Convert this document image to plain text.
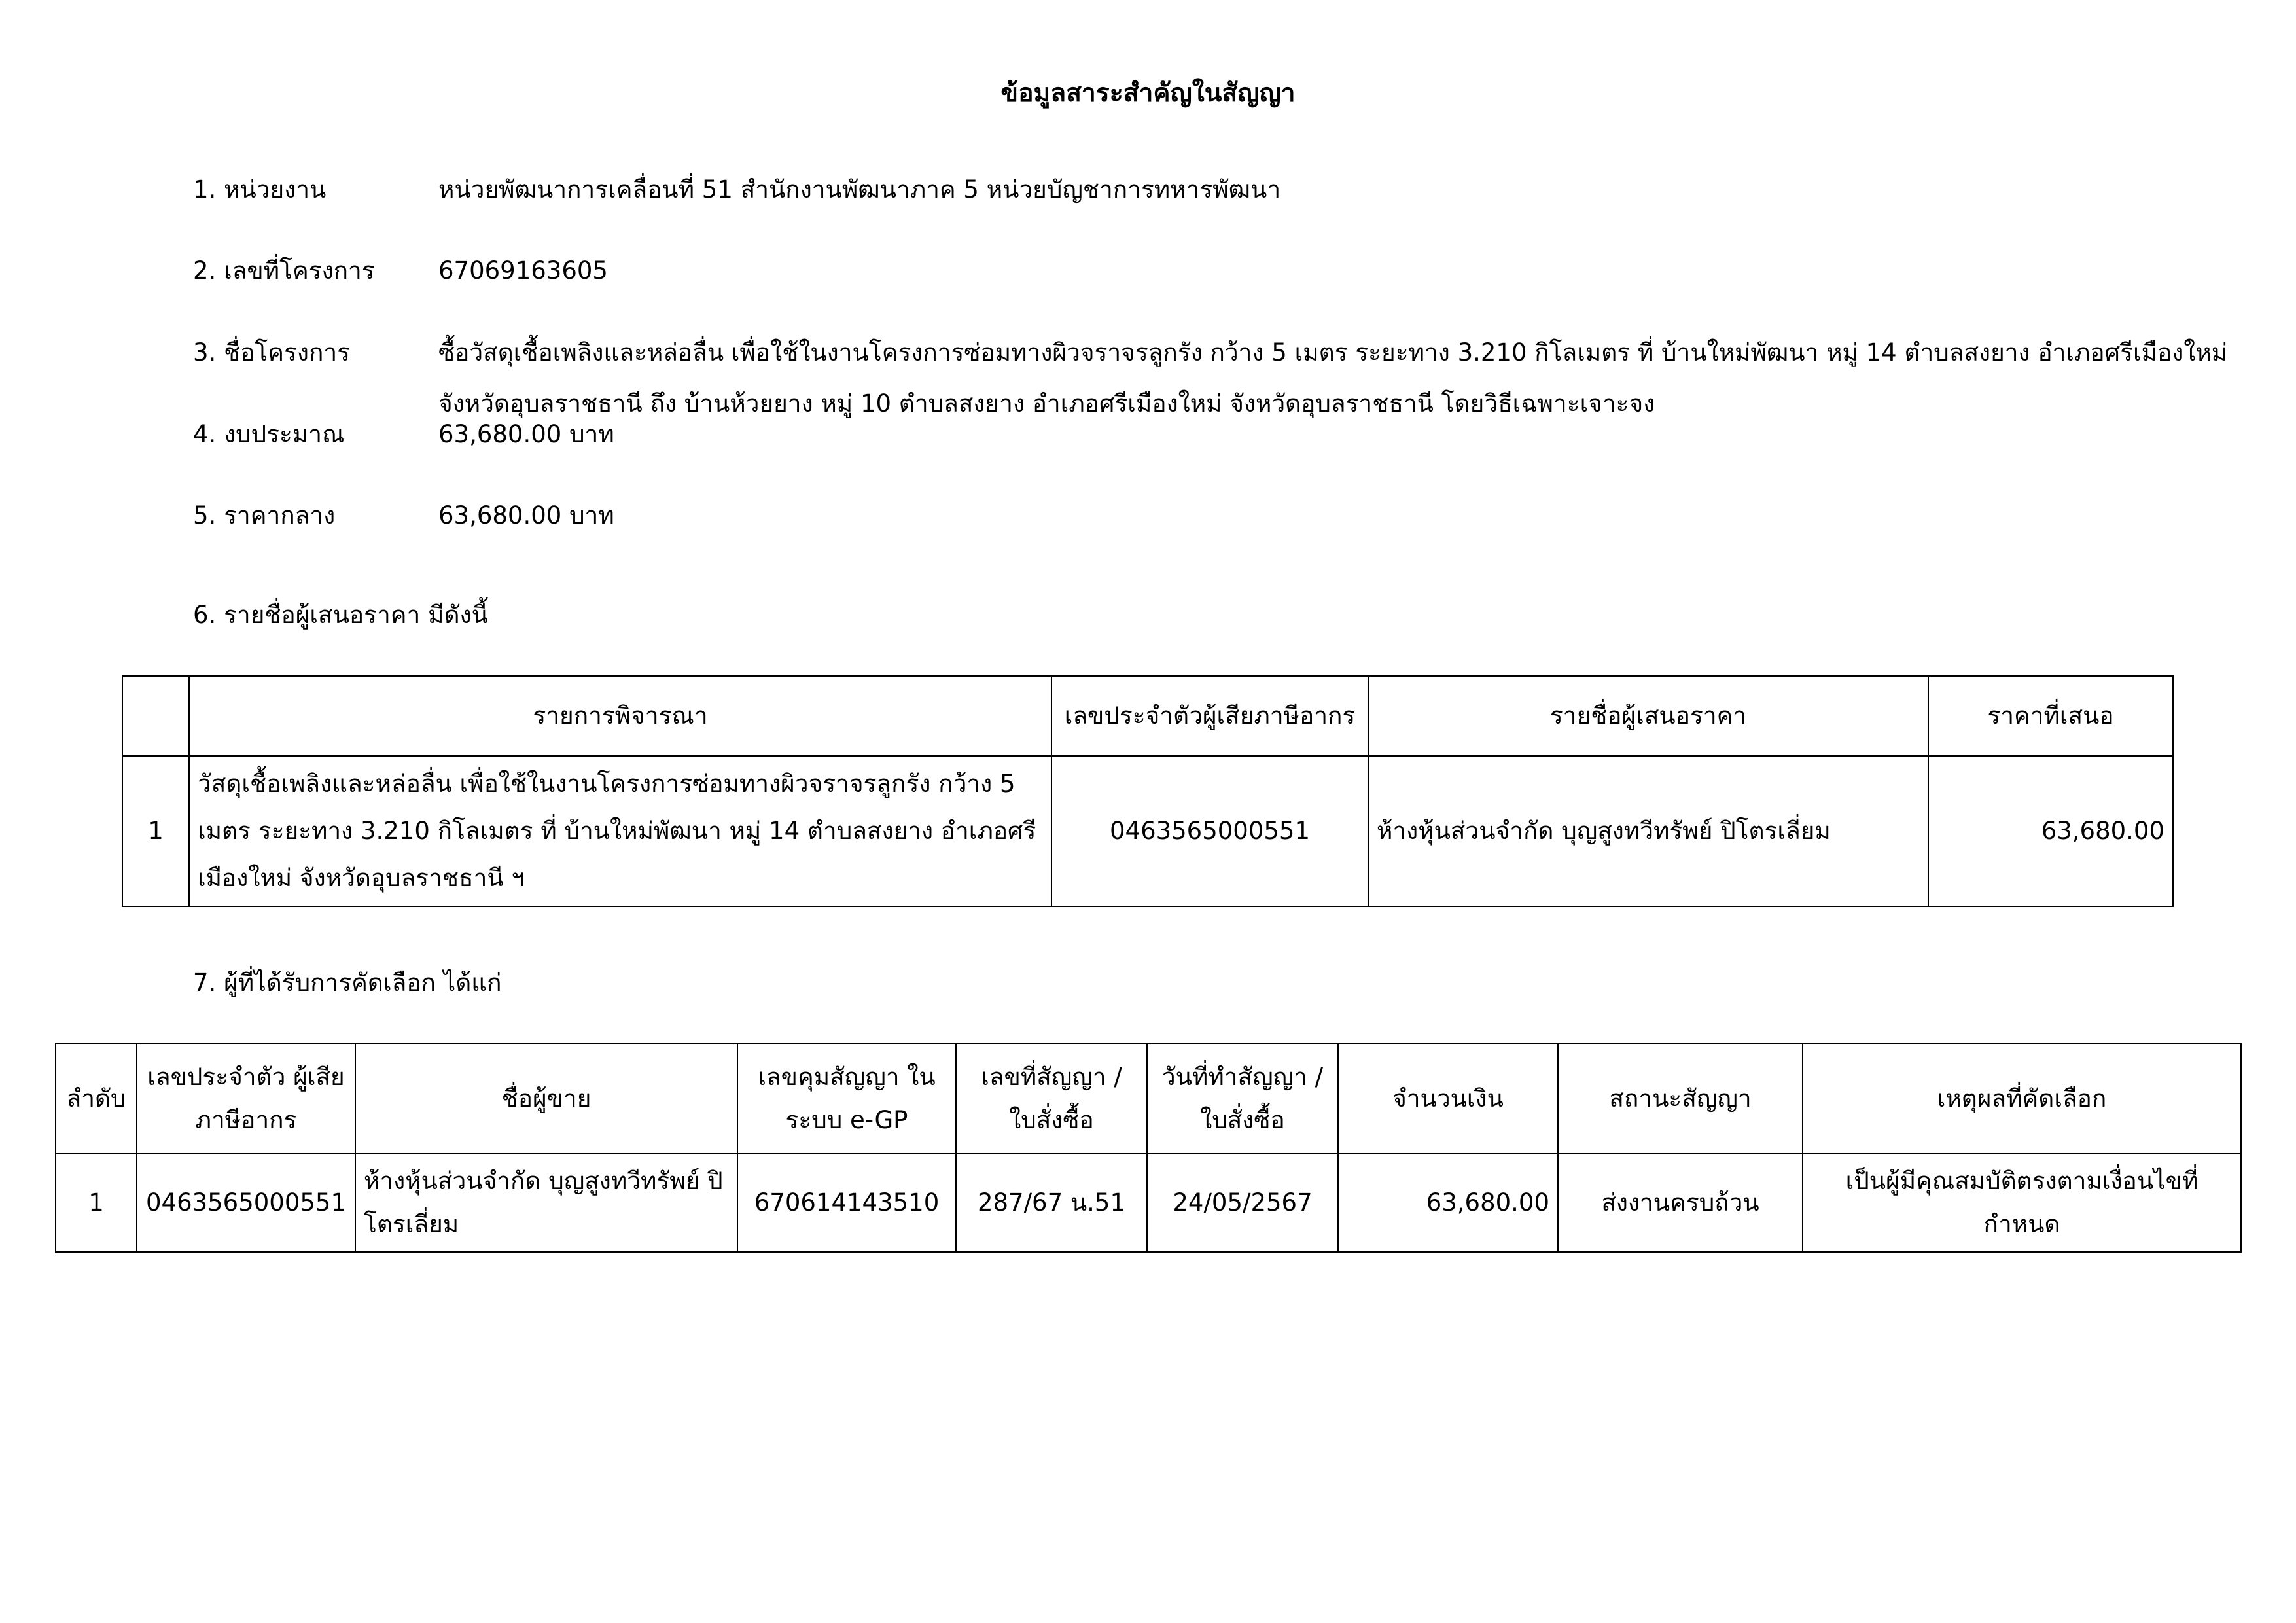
ข้อมูลสาระสำคัญในสัญญา
1. หน่วยงาน	หน่วยพัฒนาการเคลื่อนที่ 51 สำนักงานพัฒนาภาค 5 หน่วยบัญชาการทหารพัฒนา
2. เลขที่โครงการ	67069163605
3. ชื่อโครงการ	ซื้อวัสดุเชื้อเพลิงและหล่อลื่น เพื่อใช้ในงานโครงการซ่อมทางผิวจราจรลูกรัง กว้าง 5 เมตร ระยะทาง 3.210 กิโลเมตร ที่ บ้านใหม่พัฒนา หมู่ 14 ตำบลสงยาง อำเภอศรีเมืองใหม่ จังหวัดอุบลราชธานี ถึง บ้านห้วยยาง หมู่ 10 ตำบลสงยาง อำเภอศรีเมืองใหม่ จังหวัดอุบลราชธานี โดยวิธีเฉพาะเจาะจง
4. งบประมาณ	63,680.00 บาท
5. ราคากลาง	63,680.00 บาท
6. รายชื่อผู้เสนอราคา มีดังนี้
	รายการพิจารณา	เลขประจำตัวผู้เสียภาษีอากร	รายชื่อผู้เสนอราคา	ราคาที่เสนอ
1	วัสดุเชื้อเพลิงและหล่อลื่น เพื่อใช้ในงานโครงการซ่อมทางผิวจราจรลูกรัง กว้าง 5 เมตร ระยะทาง 3.210 กิโลเมตร ที่ บ้านใหม่พัฒนา หมู่ 14 ตำบลสงยาง อำเภอศรีเมืองใหม่ จังหวัดอุบลราชธานี ฯ	0463565000551	ห้างหุ้นส่วนจำกัด บุญสูงทวีทรัพย์ ปิโตรเลี่ยม	63,680.00
7. ผู้ที่ได้รับการคัดเลือก ได้แก่
ลำดับ	เลขประจำตัว ผู้เสียภาษีอากร	ชื่อผู้ขาย	เลขคุมสัญญา ในระบบ e-GP	เลขที่สัญญา / ใบสั่งซื้อ	วันที่ทำสัญญา / ใบสั่งซื้อ	จำนวนเงิน	สถานะสัญญา	เหตุผลที่คัดเลือก
1	0463565000551	ห้างหุ้นส่วนจำกัด บุญสูงทวีทรัพย์ ปิโตรเลี่ยม	670614143510	287/67 น.51	24/05/2567	63,680.00	ส่งงานครบถ้วน	เป็นผู้มีคุณสมบัติตรงตามเงื่อนไขที่กำหนด
